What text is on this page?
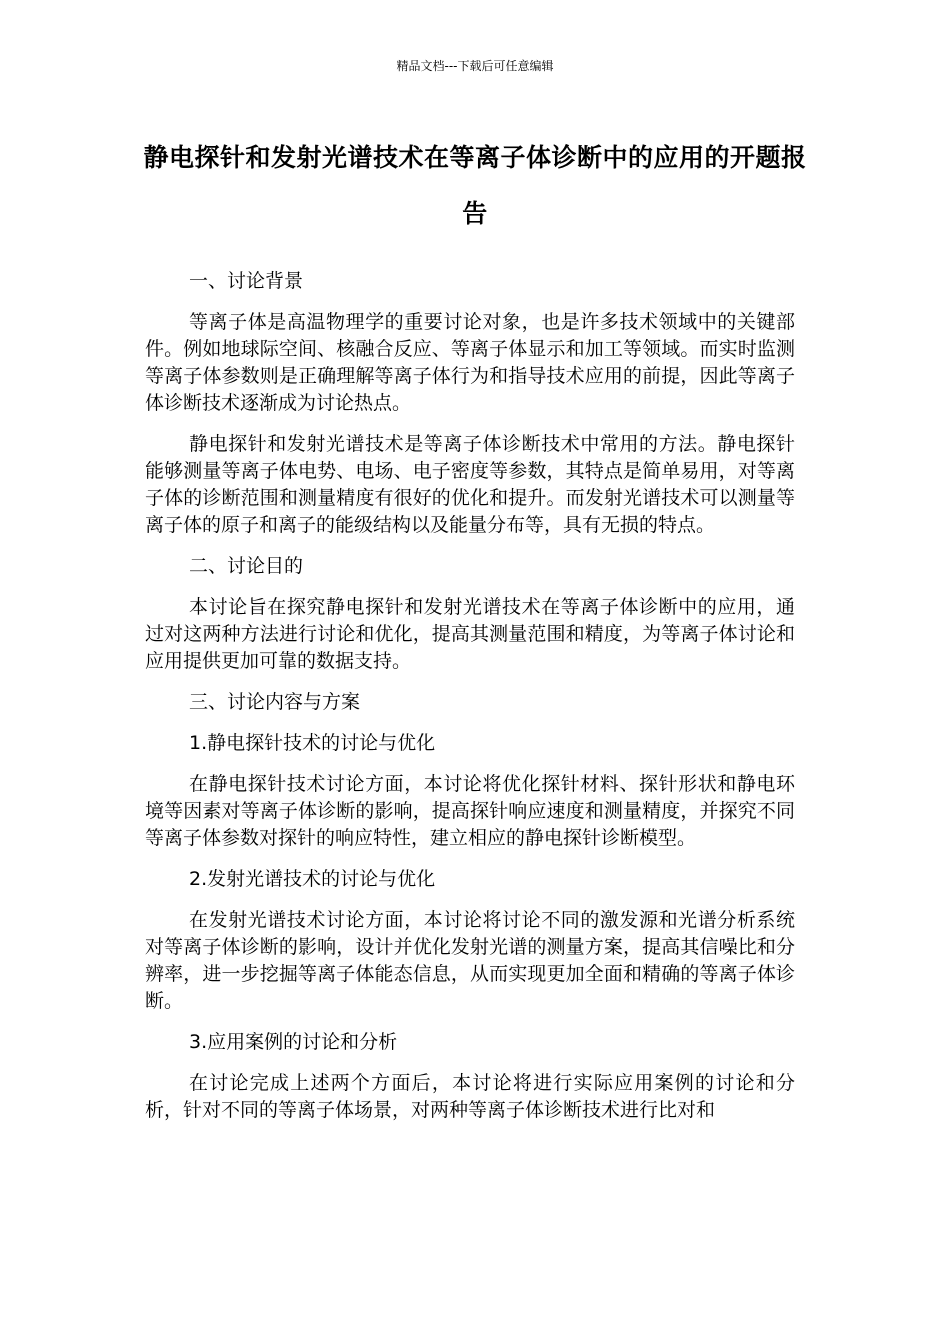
精品文档---下载后可任意编辑
静电探针和发射光谱技术在等离子体诊断中的应用的开题报告
一、讨论背景

等离子体是高温物理学的重要讨论对象，也是许多技术领域中的关键部件。例如地球际空间、核融合反应、等离子体显示和加工等领域。而实时监测等离子体参数则是正确理解等离子体行为和指导技术应用的前提，因此等离子体诊断技术逐渐成为讨论热点。

静电探针和发射光谱技术是等离子体诊断技术中常用的方法。静电探针能够测量等离子体电势、电场、电子密度等参数，其特点是简单易用，对等离子体的诊断范围和测量精度有很好的优化和提升。而发射光谱技术可以测量等离子体的原子和离子的能级结构以及能量分布等，具有无损的特点。

二、讨论目的

本讨论旨在探究静电探针和发射光谱技术在等离子体诊断中的应用，通过对这两种方法进行讨论和优化，提高其测量范围和精度，为等离子体讨论和应用提供更加可靠的数据支持。

三、讨论内容与方案
1.静电探针技术的讨论与优化

在静电探针技术讨论方面，本讨论将优化探针材料、探针形状和静电环境等因素对等离子体诊断的影响，提高探针响应速度和测量精度，并探究不同等离子体参数对探针的响应特性，建立相应的静电探针诊断模型。

2.发射光谱技术的讨论与优化

在发射光谱技术讨论方面，本讨论将讨论不同的激发源和光谱分析系统对等离子体诊断的影响，设计并优化发射光谱的测量方案，提高其信噪比和分辨率，进一步挖掘等离子体能态信息，从而实现更加全面和精确的等离子体诊断。

3.应用案例的讨论和分析

在讨论完成上述两个方面后，本讨论将进行实际应用案例的讨论和分析，针对不同的等离子体场景，对两种等离子体诊断技术进行比对和
